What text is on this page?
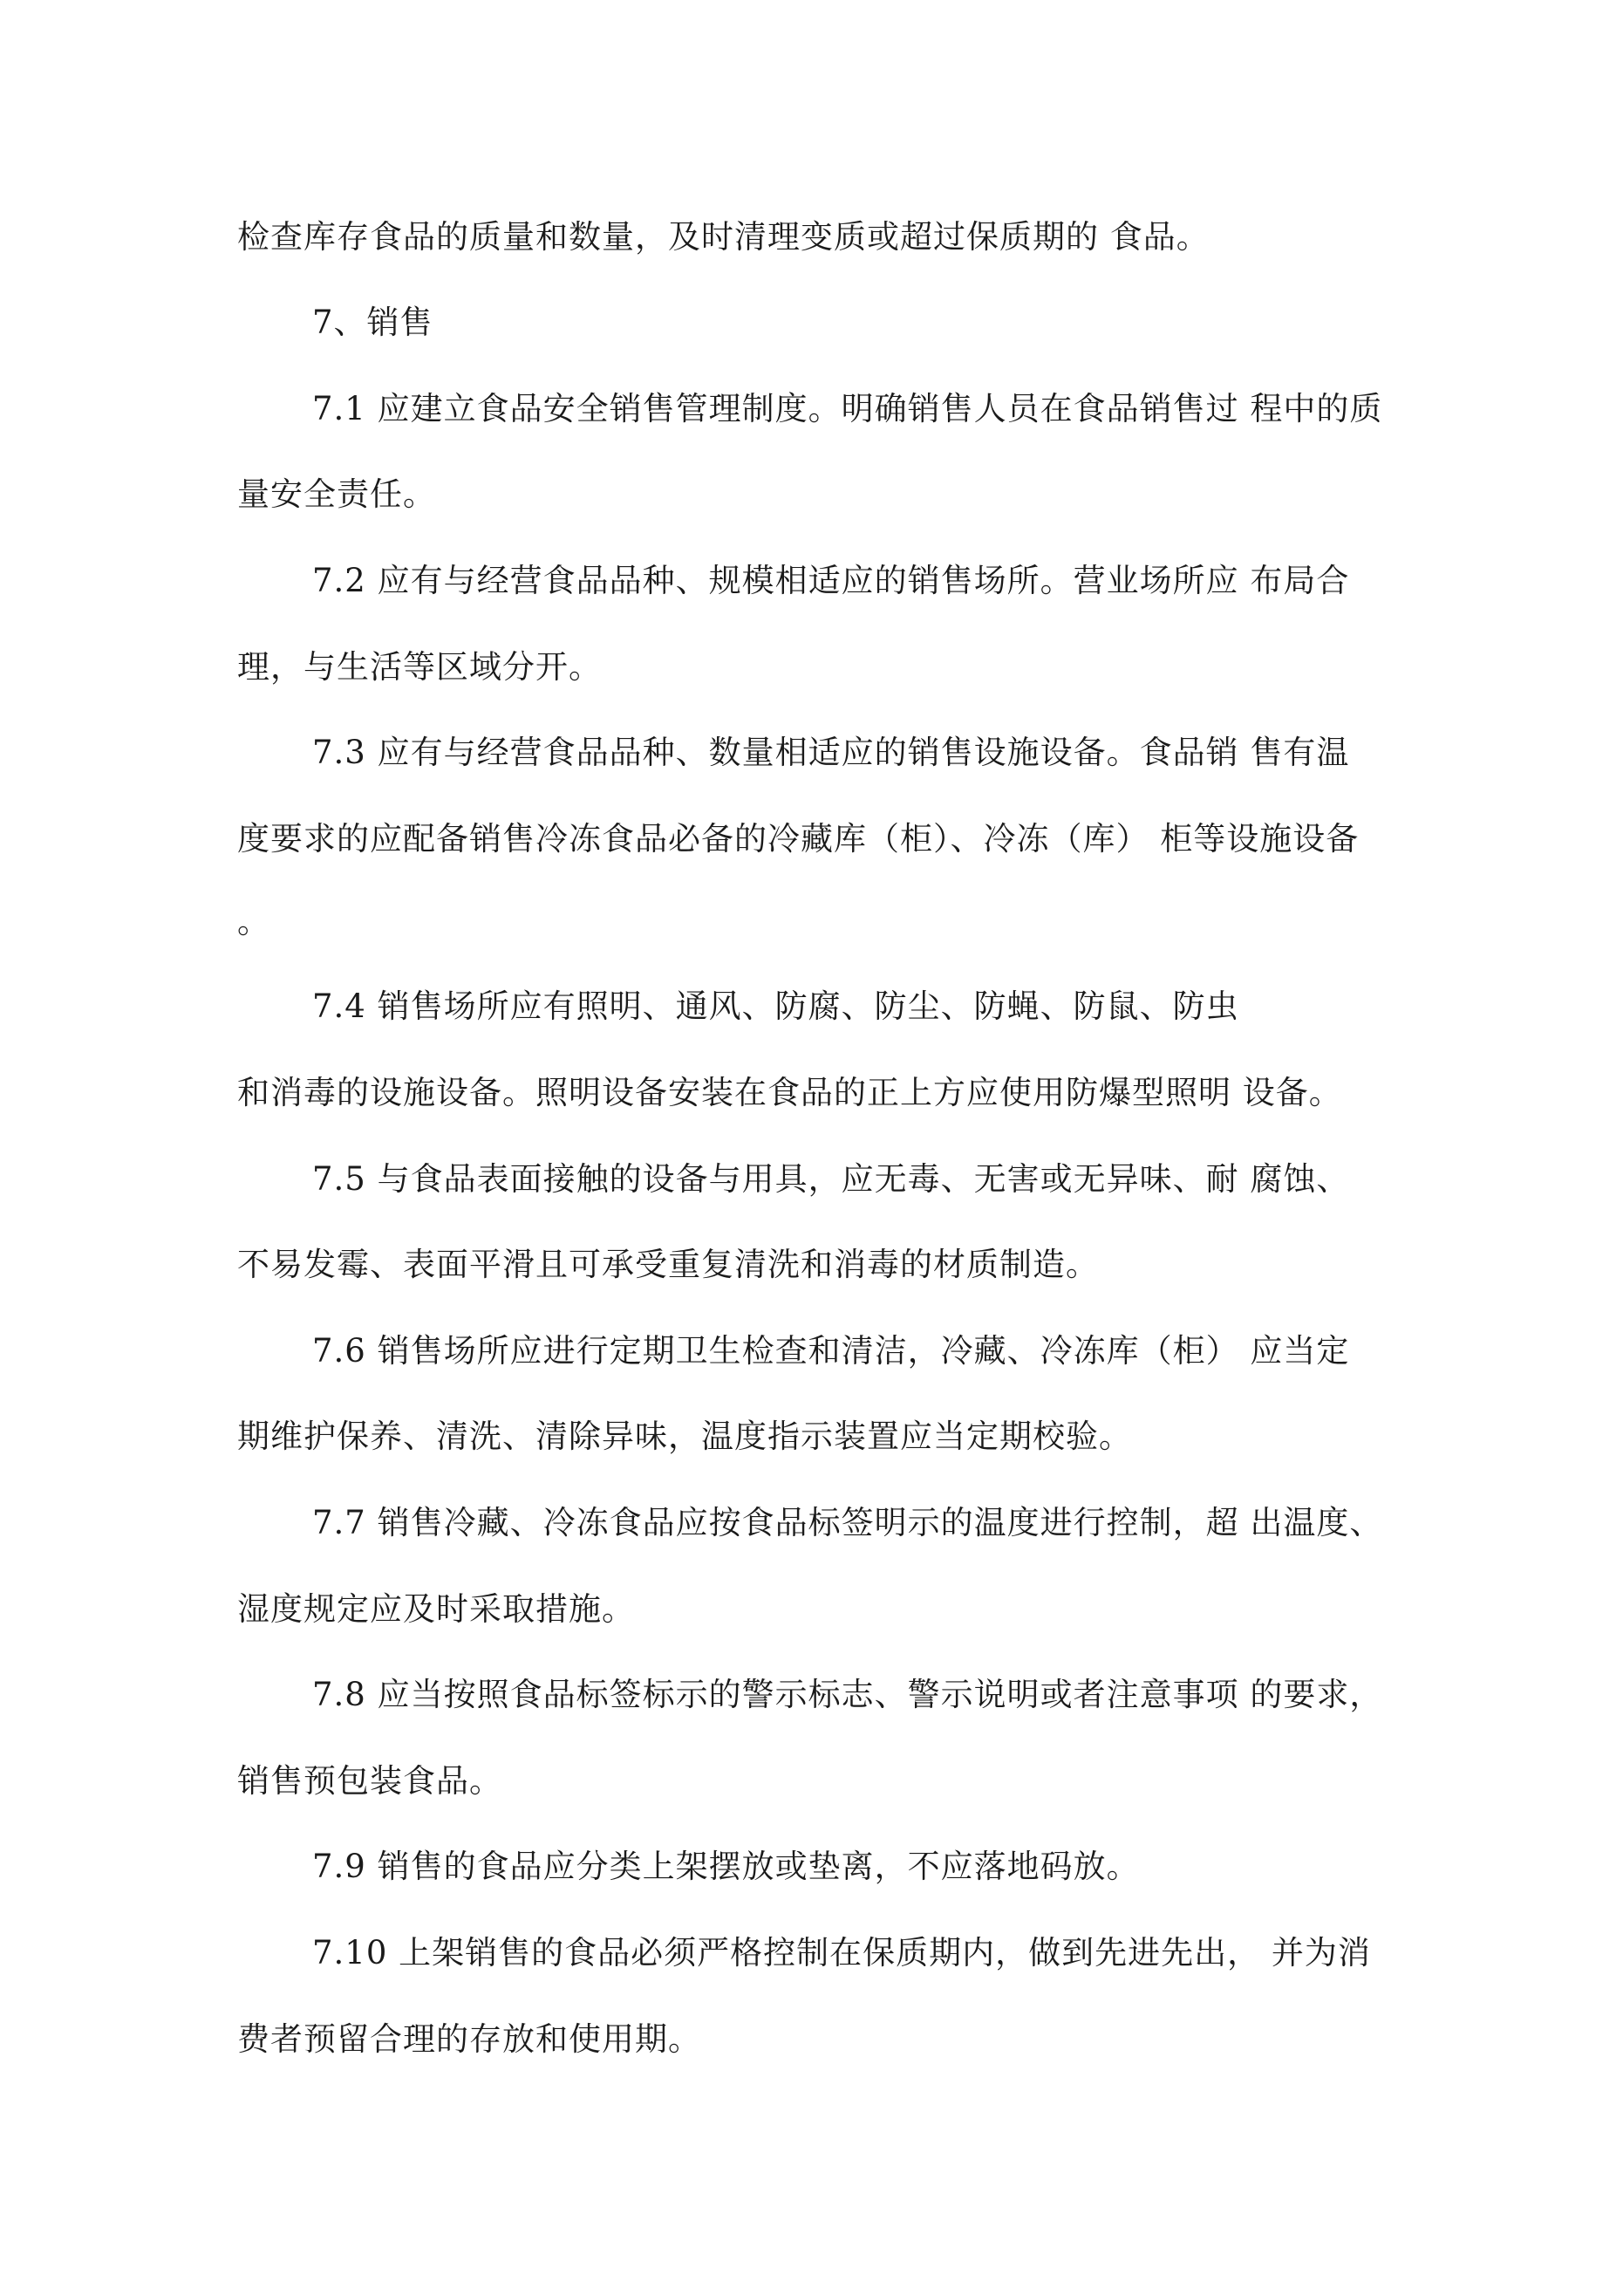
检查库存食品的质量和数量，及时清理变质或超过保质期的 食品。
7、销售
7.1 应建立食品安全销售管理制度。明确销售人员在食品销售过 程中的质
量安全责任。
7.2 应有与经营食品品种、规模相适应的销售场所。营业场所应 布局合
理，与生活等区域分开。
7.3 应有与经营食品品种、数量相适应的销售设施设备。食品销 售有温
度要求的应配备销售冷冻食品必备的冷藏库（柜）、冷冻（库） 柜等设施设备
。
7.4 销售场所应有照明、通风、防腐、防尘、防蝇、防鼠、防虫
和消毒的设施设备。照明设备安装在食品的正上方应使用防爆型照明 设备。
7.5 与食品表面接触的设备与用具，应无毒、无害或无异味、耐 腐蚀、
不易发霉、表面平滑且可承受重复清洗和消毒的材质制造。
7.6 销售场所应进行定期卫生检查和清洁，冷藏、冷冻库（柜） 应当定
期维护保养、清洗、清除异味，温度指示装置应当定期校验。
7.7 销售冷藏、冷冻食品应按食品标签明示的温度进行控制，超 出温度、
湿度规定应及时采取措施。
7.8 应当按照食品标签标示的警示标志、警示说明或者注意事项 的要求，
销售预包装食品。
7.9 销售的食品应分类上架摆放或垫离，不应落地码放。
7.10 上架销售的食品必须严格控制在保质期内，做到先进先出， 并为消
费者预留合理的存放和使用期。
